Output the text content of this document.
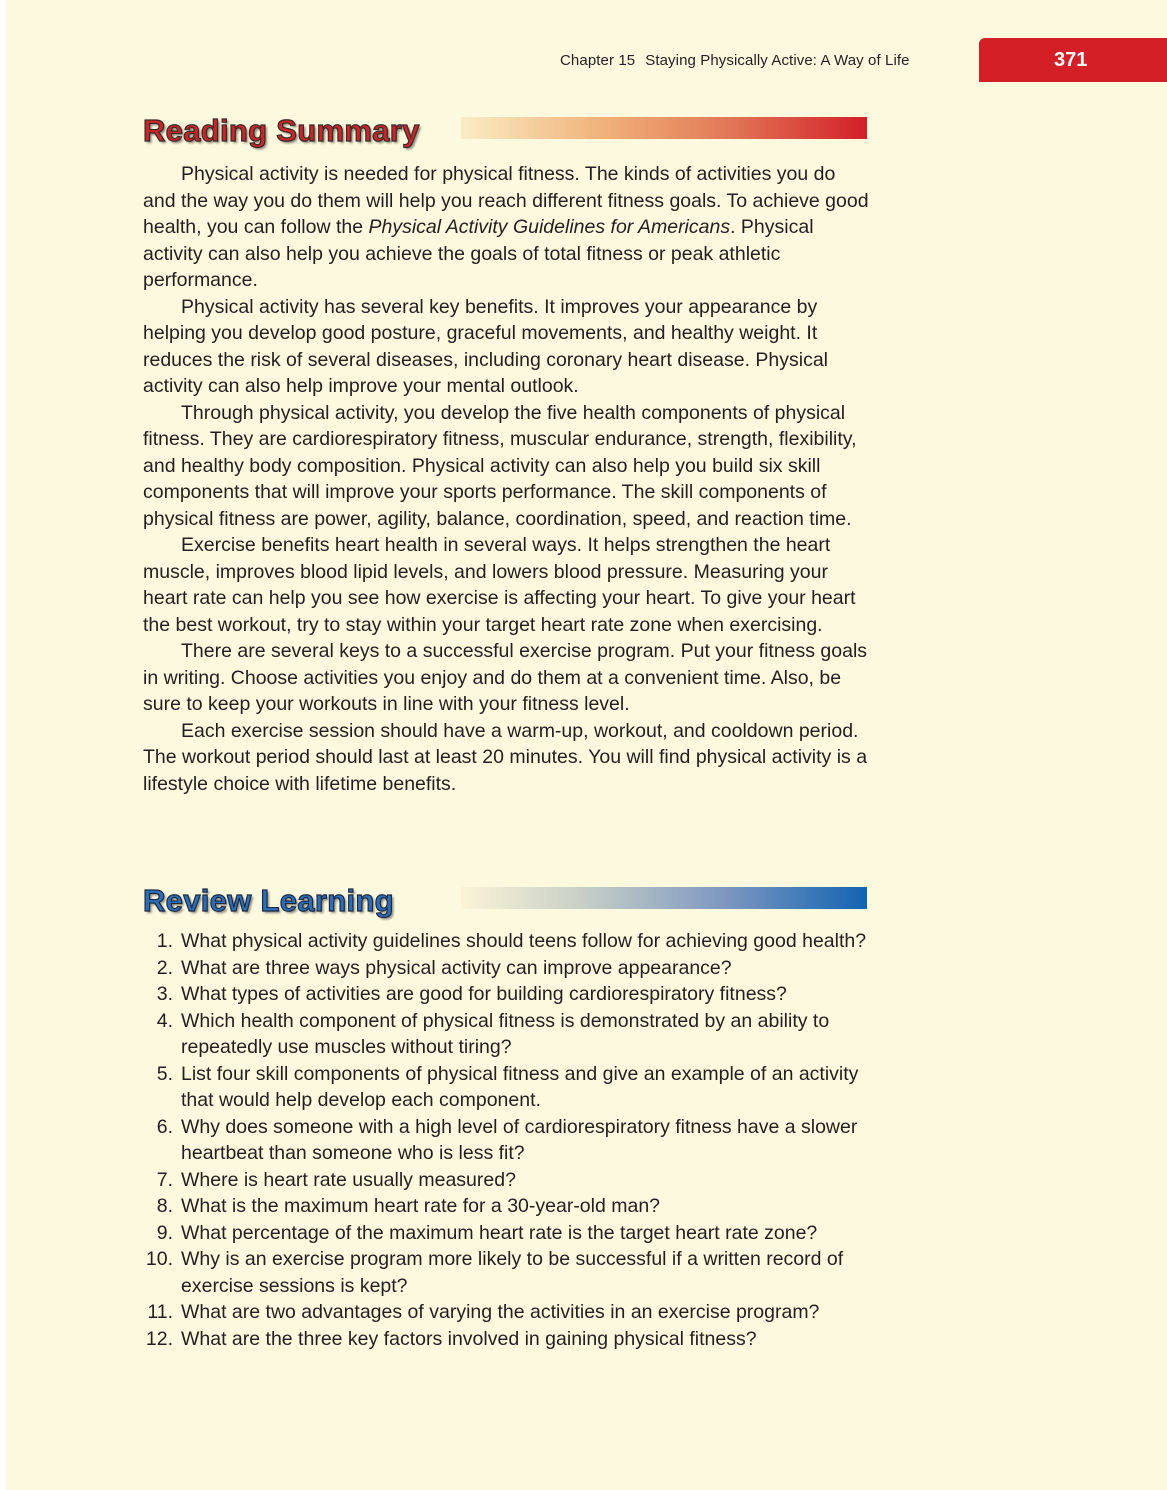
Chapter 15 Staying Physically Active: A Way of Life	371
Reading Summary

Physical activity is needed for physical fitness. The kinds of activities you do and the way you do them will help you reach different fitness goals. To achieve good health, you can follow the Physical Activity Guidelines for Americans. Physical activity can also help you achieve the goals of total fitness or peak athletic performance.

Physical activity has several key benefits. It improves your appearance by helping you develop good posture, graceful movements, and healthy weight. It reduces the risk of several diseases, including coronary heart disease. Physical activity can also help improve your mental outlook.

Through physical activity, you develop the five health components of physical fitness. They are cardiorespiratory fitness, muscular endurance, strength, flexibility, and healthy body composition. Physical activity can also help you build six skill components that will improve your sports performance. The skill components of physical fitness are power, agility, balance, coordination, speed, and reaction time.

Exercise benefits heart health in several ways. It helps strengthen the heart muscle, improves blood lipid levels, and lowers blood pressure. Measuring your heart rate can help you see how exercise is affecting your heart. To give your heart the best workout, try to stay within your target heart rate zone when exercising.

There are several keys to a successful exercise program. Put your fitness goals in writing. Choose activities you enjoy and do them at a convenient time. Also, be sure to keep your workouts in line with your fitness level.

Each exercise session should have a warm-up, workout, and cooldown period. The workout period should last at least 20 minutes. You will find physical activity is a lifestyle choice with lifetime benefits.

Review Learning
1. What physical activity guidelines should teens follow for achieving good health?
2. What are three ways physical activity can improve appearance?
3. What types of activities are good for building cardiorespiratory fitness?
4. Which health component of physical fitness is demonstrated by an ability to repeatedly use muscles without tiring?
5. List four skill components of physical fitness and give an example of an activity that would help develop each component.
6. Why does someone with a high level of cardiorespiratory fitness have a slower heartbeat than someone who is less fit?
7. Where is heart rate usually measured?
8. What is the maximum heart rate for a 30-year-old man?
9. What percentage of the maximum heart rate is the target heart rate zone?
10. Why is an exercise program more likely to be successful if a written record of exercise sessions is kept?
11. What are two advantages of varying the activities in an exercise program?
12. What are the three key factors involved in gaining physical fitness?
